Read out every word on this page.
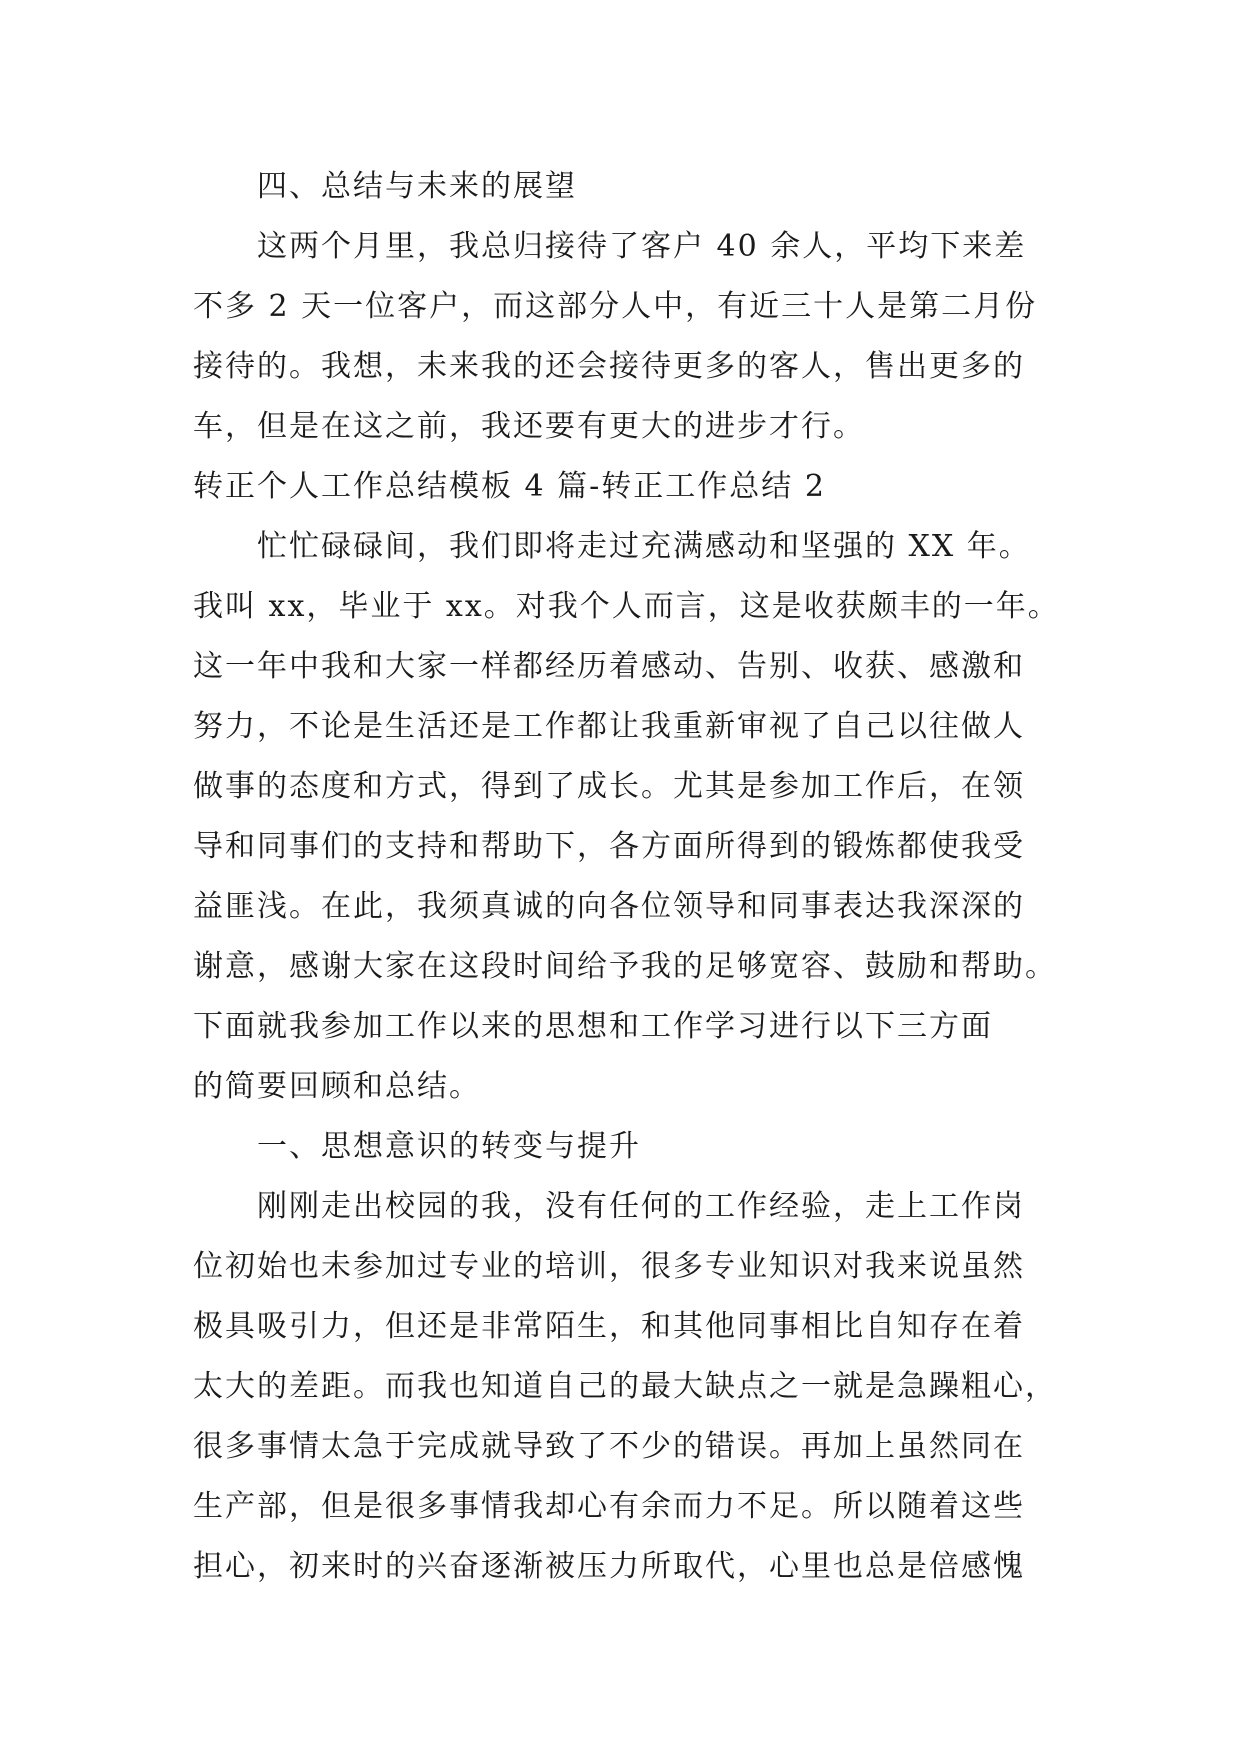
四、总结与未来的展望
这两个月里，我总归接待了客户 40 余人，平均下来差
不多 2 天一位客户，而这部分人中，有近三十人是第二月份
接待的。我想，未来我的还会接待更多的客人，售出更多的
车，但是在这之前，我还要有更大的进步才行。
转正个人工作总结模板 4 篇-转正工作总结 2
忙忙碌碌间，我们即将走过充满感动和坚强的 XX 年。
我叫 xx，毕业于 xx。对我个人而言，这是收获颇丰的一年。
这一年中我和大家一样都经历着感动、告别、收获、感激和
努力，不论是生活还是工作都让我重新审视了自己以往做人
做事的态度和方式，得到了成长。尤其是参加工作后，在领
导和同事们的支持和帮助下，各方面所得到的锻炼都使我受
益匪浅。在此，我须真诚的向各位领导和同事表达我深深的
谢意，感谢大家在这段时间给予我的足够宽容、鼓励和帮助。
下面就我参加工作以来的思想和工作学习进行以下三方面
的简要回顾和总结。
一、思想意识的转变与提升
刚刚走出校园的我，没有任何的工作经验，走上工作岗
位初始也未参加过专业的培训，很多专业知识对我来说虽然
极具吸引力，但还是非常陌生，和其他同事相比自知存在着
太大的差距。而我也知道自己的最大缺点之一就是急躁粗心，
很多事情太急于完成就导致了不少的错误。再加上虽然同在
生产部，但是很多事情我却心有余而力不足。所以随着这些
担心，初来时的兴奋逐渐被压力所取代，心里也总是倍感愧
